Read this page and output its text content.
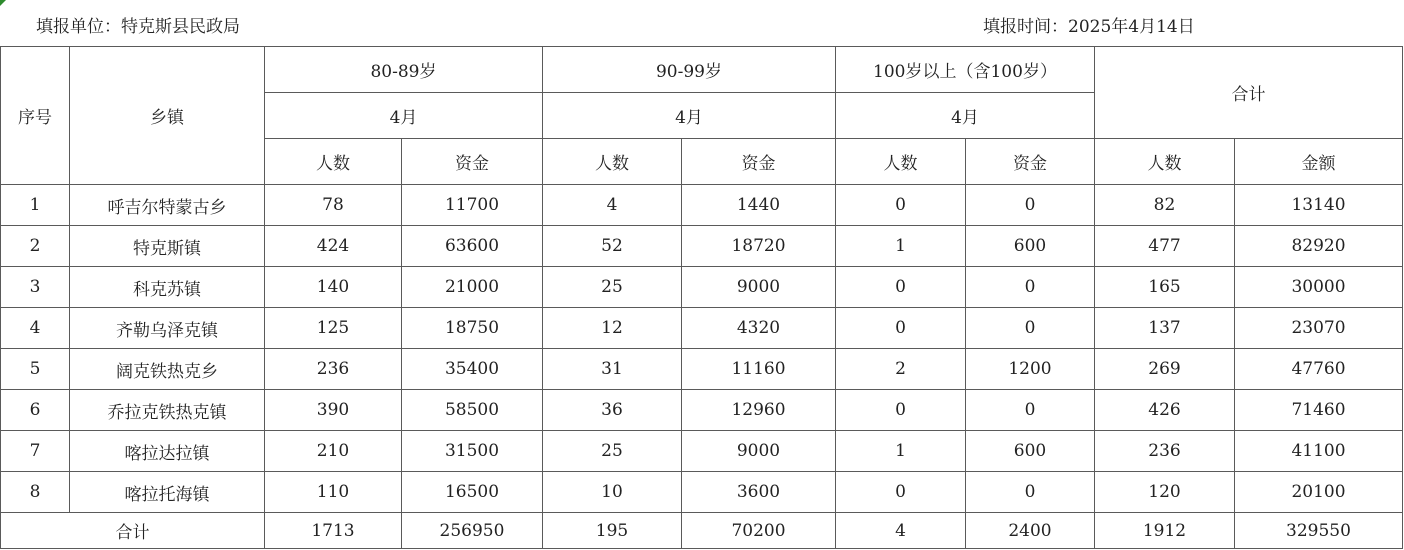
填报单位：特克斯县民政局	填报时间：2025年4月14日
序号	乡镇	80-89岁		90-99岁		100岁以上（含100岁）		合计	
		4月		4月		4月			
		人数	资金	人数	资金	人数	资金	人数	金额
1	呼吉尔特蒙古乡	78	11700	4	1440	0	0	82	13140
2	特克斯镇	424	63600	52	18720	1	600	477	82920
3	科克苏镇	140	21000	25	9000	0	0	165	30000
4	齐勒乌泽克镇	125	18750	12	4320	0	0	137	23070
5	阔克铁热克乡	236	35400	31	11160	2	1200	269	47760
6	乔拉克铁热克镇	390	58500	36	12960	0	0	426	71460
7	喀拉达拉镇	210	31500	25	9000	1	600	236	41100
8	喀拉托海镇	110	16500	10	3600	0	0	120	20100
合计		1713	256950	195	70200	4	2400	1912	329550
